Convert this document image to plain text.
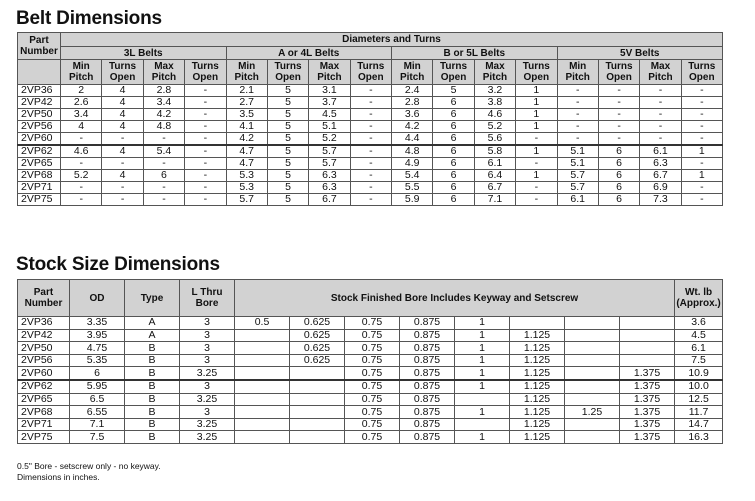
Belt Dimensions
Part Number	Diameters and Turns															
	3L Belts				A or 4L Belts				B or 5L Belts				5V Belts			
	Min Pitch	Turns Open	Max Pitch	Turns Open	Min Pitch	Turns Open	Max Pitch	Turns Open	Min Pitch	Turns Open	Max Pitch	Turns Open	Min Pitch	Turns Open	Max Pitch	Turns Open
2VP36	2	4	2.8	-	2.1	5	3.1	-	2.4	5	3.2	1	-	-	-	-
2VP42	2.6	4	3.4	-	2.7	5	3.7	-	2.8	6	3.8	1	-	-	-	-
2VP50	3.4	4	4.2	-	3.5	5	4.5	-	3.6	6	4.6	1	-	-	-	-
2VP56	4	4	4.8	-	4.1	5	5.1	-	4.2	6	5.2	1	-	-	-	-
2VP60	-	-	-	-	4.2	5	5.2	-	4.4	6	5.6	-	-	-	-	-
2VP62	4.6	4	5.4	-	4.7	5	5.7	-	4.8	6	5.8	1	5.1	6	6.1	1
2VP65	-	-	-	-	4.7	5	5.7	-	4.9	6	6.1	-	5.1	6	6.3	-
2VP68	5.2	4	6	-	5.3	5	6.3	-	5.4	6	6.4	1	5.7	6	6.7	1
2VP71	-	-	-	-	5.3	5	6.3	-	5.5	6	6.7	-	5.7	6	6.9	-
2VP75	-	-	-	-	5.7	5	6.7	-	5.9	6	7.1	-	6.1	6	7.3	-
Stock Size Dimensions
Part Number	OD	Type	L Thru Bore	Stock Finished Bore Includes Keyway and Setscrew								Wt. lb (Approx.)
2VP36	3.35	A	3	0.5	0.625	0.75	0.875	1				3.6
2VP42	3.95	A	3		0.625	0.75	0.875	1	1.125			4.5
2VP50	4.75	B	3		0.625	0.75	0.875	1	1.125			6.1
2VP56	5.35	B	3		0.625	0.75	0.875	1	1.125			7.5
2VP60	6	B	3.25			0.75	0.875	1	1.125		1.375	10.9
2VP62	5.95	B	3			0.75	0.875	1	1.125		1.375	10.0
2VP65	6.5	B	3.25			0.75	0.875		1.125		1.375	12.5
2VP68	6.55	B	3			0.75	0.875	1	1.125	1.25	1.375	11.7
2VP71	7.1	B	3.25			0.75	0.875		1.125		1.375	14.7
2VP75	7.5	B	3.25			0.75	0.875	1	1.125		1.375	16.3
0.5" Bore - setscrew only - no keyway.
Dimensions in inches.
